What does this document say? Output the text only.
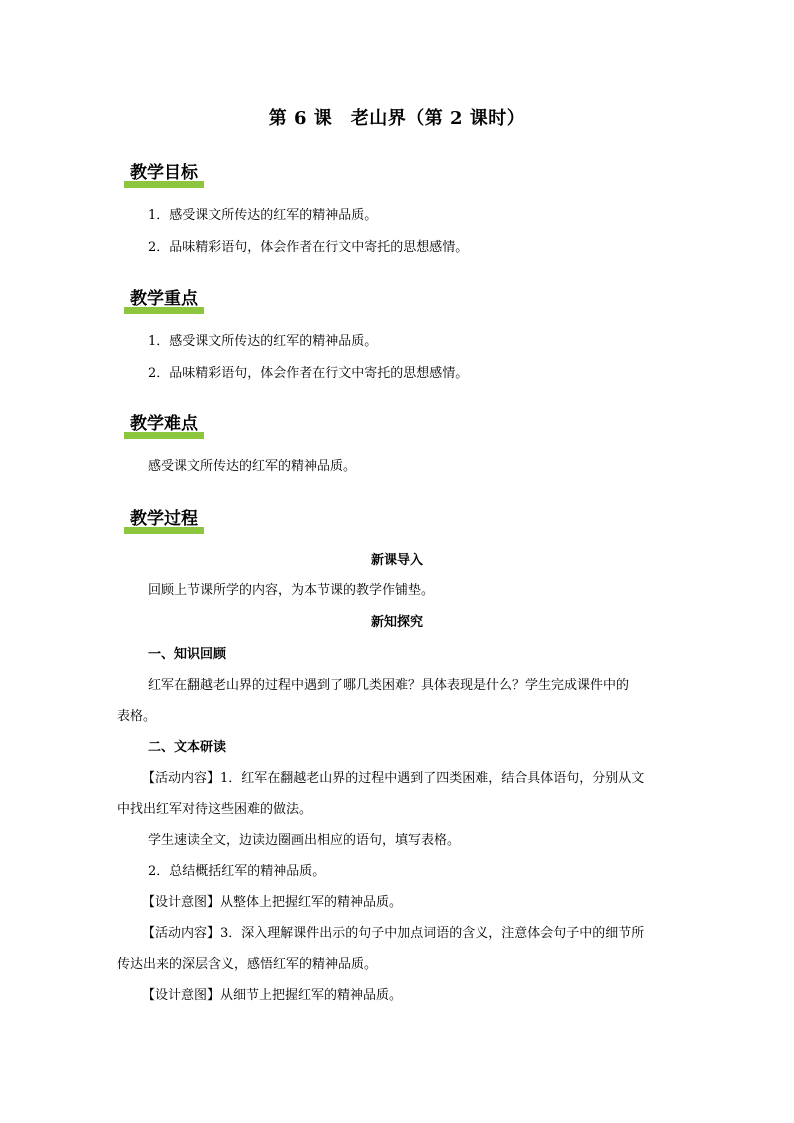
第 6 课　老山界（第 2 课时）
教学目标
1．感受课文所传达的红军的精神品质。
2．品味精彩语句，体会作者在行文中寄托的思想感情。
教学重点
1．感受课文所传达的红军的精神品质。
2．品味精彩语句，体会作者在行文中寄托的思想感情。
教学难点
感受课文所传达的红军的精神品质。
教学过程
新课导入
回顾上节课所学的内容，为本节课的教学作铺垫。
新知探究
一、知识回顾
红军在翻越老山界的过程中遇到了哪几类困难？具体表现是什么？学生完成课件中的
表格。
二、文本研读
【活动内容】1．红军在翻越老山界的过程中遇到了四类困难，结合具体语句，分别从文
中找出红军对待这些困难的做法。
学生速读全文，边读边圈画出相应的语句，填写表格。
2．总结概括红军的精神品质。
【设计意图】从整体上把握红军的精神品质。
【活动内容】3．深入理解课件出示的句子中加点词语的含义，注意体会句子中的细节所
传达出来的深层含义，感悟红军的精神品质。
【设计意图】从细节上把握红军的精神品质。
